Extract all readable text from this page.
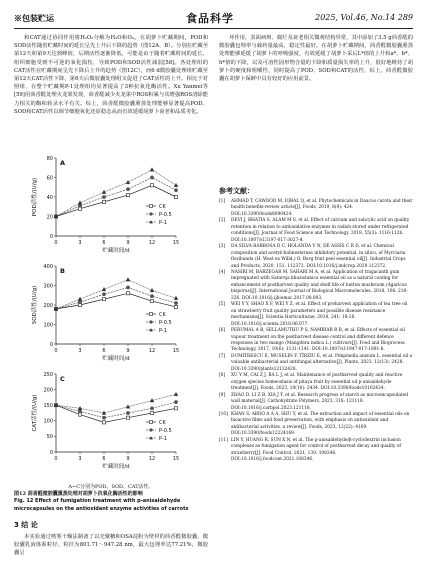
※包装贮运	食品科学	2025, Vol.46, No.14 289

和CAT通过协同作用将H₂O₂分解为H₂O和O₂。在胡萝卜贮藏期间，POD和SOD活性随着贮藏时间的延长呈先上升后下降的趋势（图12A、B）。分别在贮藏至第12天和第9天达到峰值，后期活性逐渐降低，可能是由于随着贮藏时间的延长，组织细胞受到不可逆的氧化损伤，导致POD和SOD活性减弱[58]。各处理组的CAT活性在贮藏期间呈先下降后上升的趋势（图12C），而6 d微胶囊处理组贮藏至第12天CAT活性下降，第6天后微胶囊处理组又促进了CAT活性的上升。相比于对照组，在整个贮藏期P-1处理组均显著提高了3种抗氧化酶活性。Xu Yanmei等[59]用茴香醛处理火龙果发现，茴香醛减少火龙果中ROS积累与其增强ROS清除能力相关的酶和转录水平有关。综上，茴香醛微胶囊熏蒸处理能够显著提高POD、SOD和CAT活性以调节细胞氧化还原稳态从而有效延缓胡萝卜衰老和品质劣化。

坏作用，表面病斑、腐烂及衰老相关微观结构异常，其中添加了3.5 g茴香醛的微胶囊包埋率与载药量最高，稳定性最好。在胡萝卜贮藏期间，茴香醛微胶囊熏蒸处理能够延缓了胡萝卜的呼吸强度，有效延缓了胡萝卜采后L*值的上升和a*、b*、h*值的下降，以及可溶性固形物含量的下降和质量损失率的上升，很好地维持了胡萝卜的硬度和咀嚼性，同时提高了POD、SOD和CAT的活性，综上，茴香醛微胶囊在胡萝卜保鲜中具有较好的应用前景。

0
20
40
60
80
0	3	6	9	12	15
贮藏时间/d
POD活性/(U/g)
A
CK
P-0.5
P-1
0
100
200
300
400
0	3	6	9	12	15
贮藏时间/d
SOD活性/(U/g)
B
CK
P-0.5
P-1
0
50
100
150
200
250
0	3	6	9	12	15
贮藏时间/d
CAT活性/(U/g)
C
CK
P-0.5
P-1
A~C分别为POD、SOD、CAT活性。
图12 茴香醛微胶囊熏蒸处理对胡萝卜抗氧化酶活性的影响
Fig. 12 Effect of fumigation treatment with p-anisaldehyde microcapsules on the antioxidant enzyme activities of carrots
3 结 论

本实验通过喷雾干燥法制备了以壳聚糖和OSA淀粉为壁材的茴香醛微胶囊，微胶囊乳液体系粒径、粒径为801.71～947.28 nm，最大包埋率达77.21%，微胶囊呈

参考文献：
[1] AHMAD T, CAWOOD M, IQBAL Q, et al. Phytochemicals in Daucus carota and their health benefits-review article[J]. Foods, 2019, 8(9): 424. DOI:10.3390/foods8090424.
[2] DEVI J, BHATIA S, ALAM M S, et al. Effect of calcium and salicylic acid on quality retention in relation to antioxidative enzymes in radish stored under refrigerated conditions[J]. Journal of Food Science and Technology, 2018, 55(3): 1116-1126. DOI:10.1007/s13197-017-3027-4.
[3] DA SILVA BARBOSA D C, HOLANDA V N, DE ASSIS C R D, et al. Chemical composition and acetylcholinesterase inhibitory potential, in silico, of Myrciaria floribunda (H. West ex Willd.) O. Berg fruit peel essential oil[J]. Industrial Crops and Products, 2020, 151: 112372. DOI:10.1016/j.indcrop.2020.112372.
[4] NASIRI M, BARZEGAR M, SAHARI M A, et al. Application of tragacanth gum impregnated with Satureja khuzistanica essential oil as a natural coating for enhancement of postharvest quality and shelf life of button mushroom (Agaricus bisporus)[J]. International Journal of Biological Macromolecules, 2018, 106: 218-226. DOI:10.1016/j.ijbiomac.2017.08.003.
[5] WEI Y Y, SHAO X F, WEI Y Z, et al. Effect of preharvest application of tea tree oil on strawberry fruit quality parameters and possible disease resistance mechanisms[J]. Scientia Horticulturae, 2018, 241: 18-28. DOI:10.1016/j.scienta.2018.06.077.
[6] PERUMAL A B, SELLAMUTHU P S, NAMBIAR R B, et al. Effects of essential oil vapour treatment on the postharvest disease control and different defence responses in two mango (Mangifera indica L.) cultivars[J]. Food and Bioprocess Technology, 2017, 10(6): 1131-1141. DOI:10.1007/s11947-017-1891-6.
[7] DUMITRESCU E, MUSELIN F, TÎRZIU E, et al. Pimpinella anisum L. essential oil a valuable antibacterial and antifungal alternative[J]. Plants, 2023, 12(13): 2428. DOI:10.3390/plants12132428.
[8] XU Y M, CAI Z J, BA L J, et al. Maintenance of postharvest quality and reactive oxygen species homeostasis of pitaya fruit by essential oil p-anisaldehyde treatment[J]. Foods, 2023, 10(10): 2434. DOI:10.3390/foods10102434.
[9] ZHAO D, LI Z B, XIA J Y, et al. Research progress of starch as microencapsulated wall material[J]. Carbohydrate Polymers, 2023, 318: 121118. DOI:10.1016/j.carbpol.2023.121118.
[10] KHAN S, ABDO A A A, SHU Y, et al. The extraction and impact of essential oils on bioactive films and food preservation, with emphasis on antioxidant and antibacterial activities, a review[J]. Foods, 2023, 12(22): 4169. DOI:10.3390/foods12224169.
[11] LIN Y, HUANG R, SUN X N, et al. The p-anisaldehyde/β-cyclodextrin inclusion complexes as fumigation agent for control of postharvest decay and quality of strawberry[J]. Food Control, 2021, 130: 108346. DOI:10.1016/j.foodcont.2021.108346.
